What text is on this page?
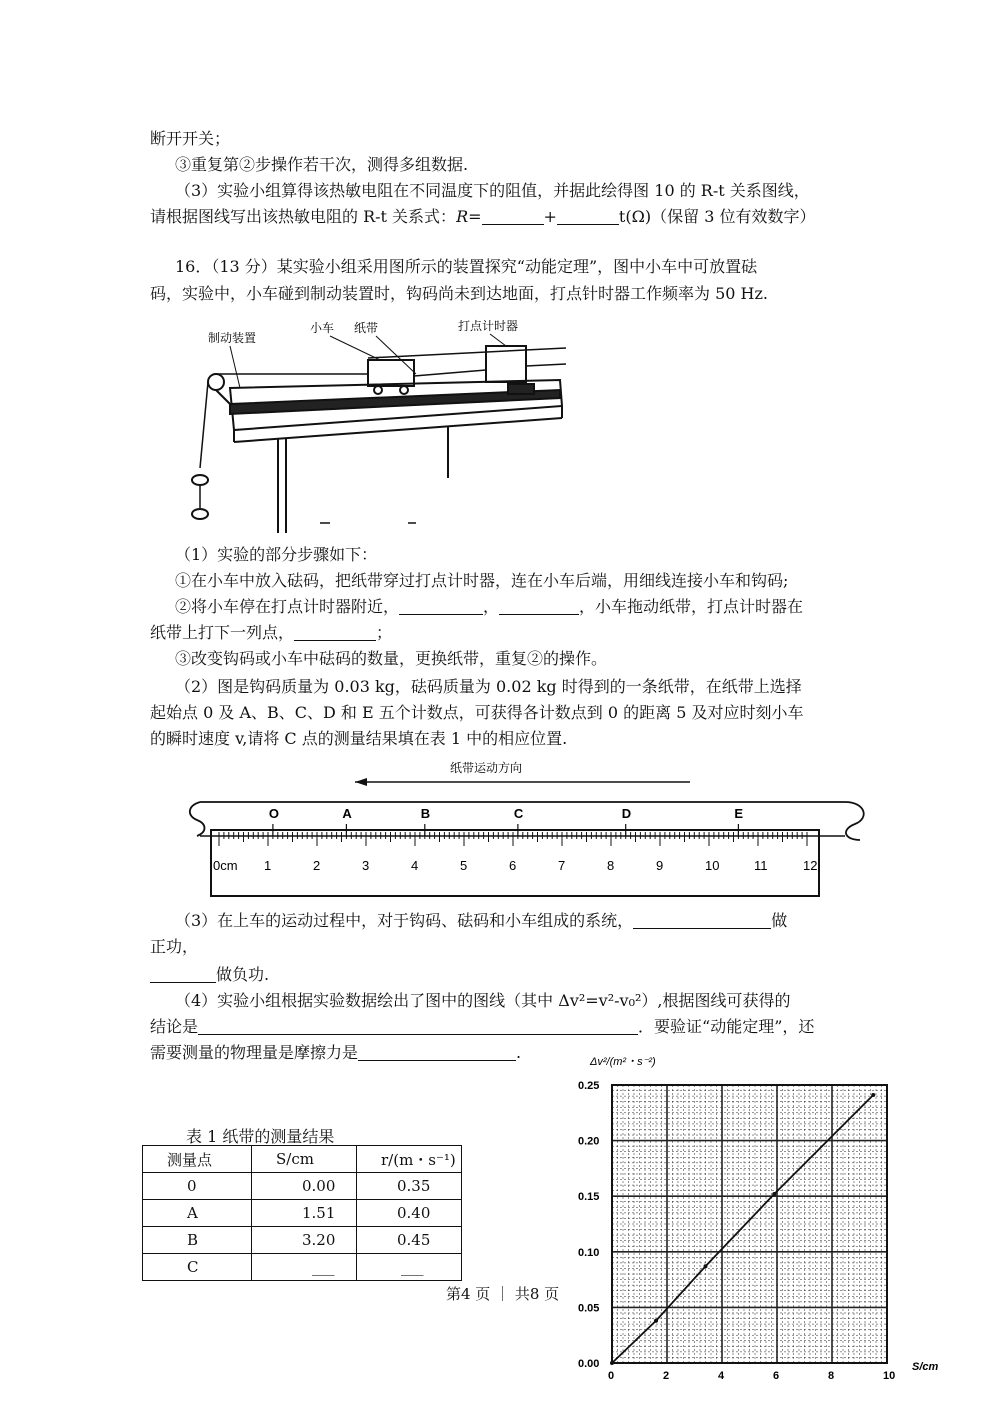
断开开关；
③重复第②步操作若干次，测得多组数据.
（3）实验小组算得该热敏电阻在不同温度下的阻值，并据此绘得图 10 的 R-t 关系图线，
请根据图线写出该热敏电阻的 R-t 关系式：R=	+	t(Ω)（保留 3 位有效数字）
16．（13 分）某实验小组采用图所示的装置探究“动能定理”，图中小车中可放置砝
码，实验中，小车碰到制动装置时，钩码尚未到达地面，打点针时器工作频率为 50 Hz.
制动装置
小车 纸带	打点计时器
（1）实验的部分步骤如下：
①在小车中放入砝码，把纸带穿过打点计时器，连在小车后端，用细线连接小车和钩码;
②将小车停在打点计时器附近，	，	，小车拖动纸带，打点计时器在
纸带上打下一列点，	；
③改变钩码或小车中砝码的数量，更换纸带，重复②的操作。
（2）图是钩码质量为 0.03 kg，砝码质量为 0.02 kg 时得到的一条纸带，在纸带上选择
起始点 0 及 A、B、C、D 和 E 五个计数点，可获得各计数点到 0 的距离 5 及对应时刻小车
的瞬时速度 v,请将 C 点的测量结果填在表 1 中的相应位置.
纸带运动方向
0cm 1	2	3	4	5	6	7	8	9	10	11	12
O	A	B	C	D	E
（3）在上车的运动过程中，对于钩码、砝码和小车组成的系统，	做
正功，
做负功.
（4）实验小组根据实验数据绘出了图中的图线（其中 Δv²=v²-v₀²）,根据图线可获得的
结论是	．要验证“动能定理”，还
需要测量的物理量是摩擦力是	.
表 1 纸带的测量结果
测量点	S/cm	r/(m・s⁻¹)
0	0.00	0.35
A	1.51	0.40
B	3.20	0.45
C	___	___
Δv²/(m²・s⁻²)
0	2	4	6	8	10
0.00
0.05
0.10
0.15
0.20
0.25
S/cm
第4 页 ｜ 共8 页
